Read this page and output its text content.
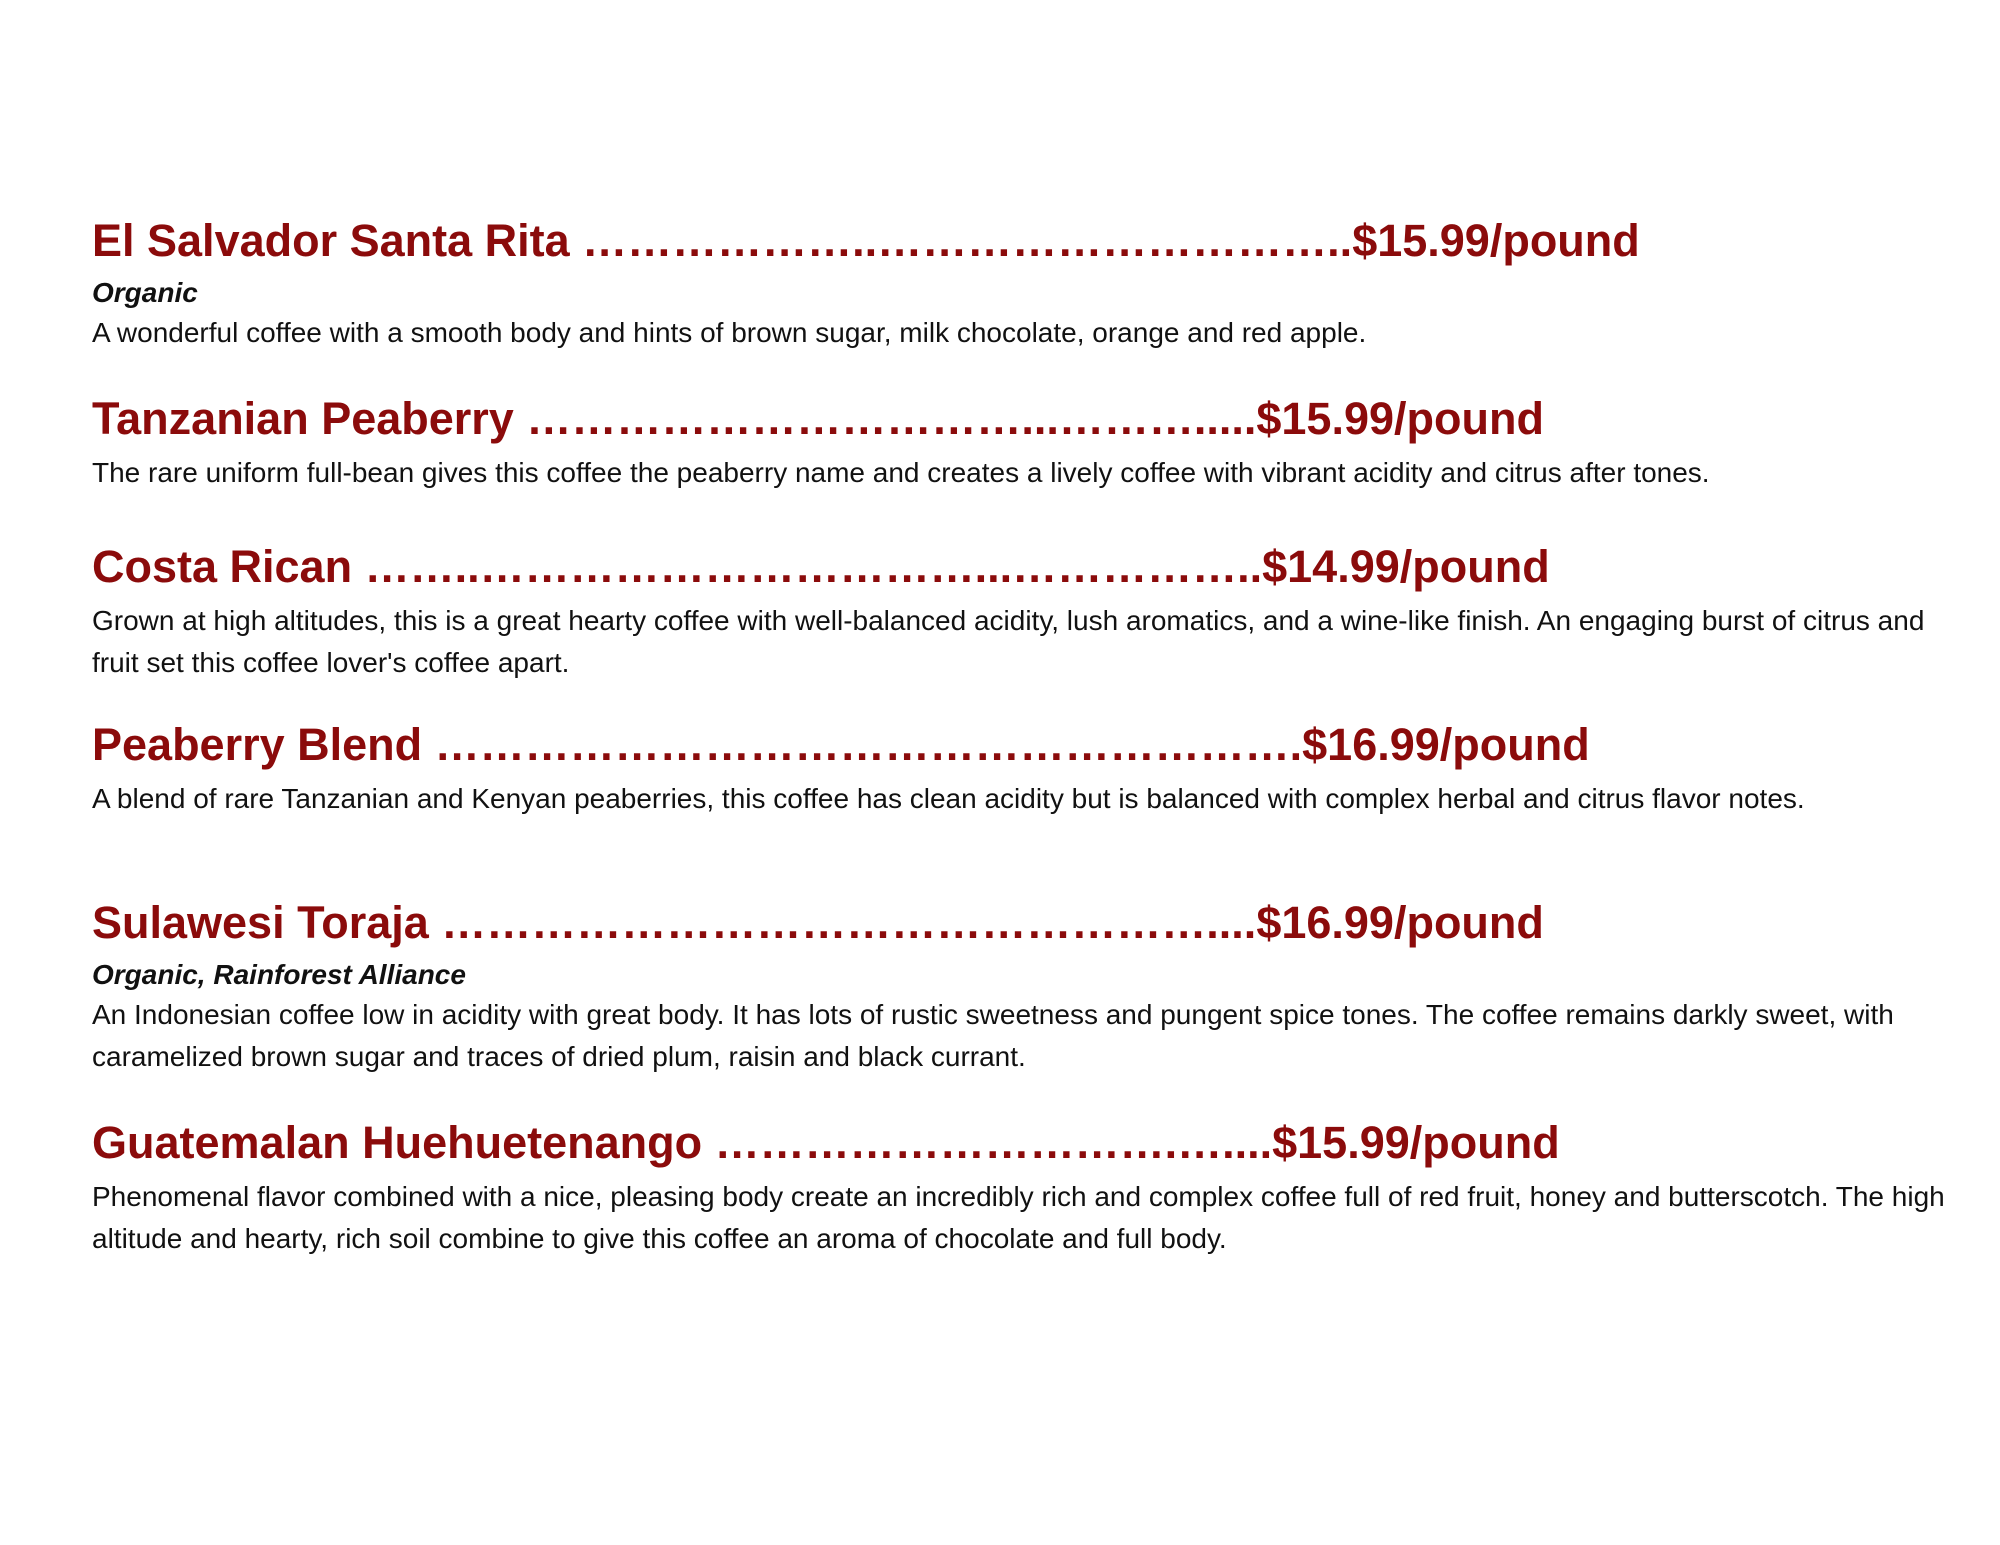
El Salvador Santa Rita ………………..…………………………..$15.99/pound
Organic
A wonderful coffee with a smooth body and hints of brown sugar, milk chocolate, orange and red apple.
Tanzanian Peaberry ……………………………...……….....$15.99/pound
The rare uniform full-bean gives this coffee the peaberry name and creates a lively coffee with vibrant acidity and citrus after tones.
Costa Rican ……..……………………………...……………..$14.99/pound
Grown at high altitudes, this is a great hearty coffee with well-balanced acidity, lush aromatics, and a wine-like finish. An engaging burst of citrus and fruit set this coffee lover's coffee apart.
Peaberry Blend ………………………………………………….$16.99/pound
A blend of rare Tanzanian and Kenyan peaberries, this coffee has clean acidity but is balanced with complex herbal and citrus flavor notes.
Sulawesi Toraja ……………………………………………....$16.99/pound
Organic, Rainforest Alliance
An Indonesian coffee low in acidity with great body. It has lots of rustic sweetness and pungent spice tones. The coffee remains darkly sweet, with caramelized brown sugar and traces of dried plum, raisin and black currant.
Guatemalan Huehuetenango ………………………….…....$15.99/pound
Phenomenal flavor combined with a nice, pleasing body create an incredibly rich and complex coffee full of red fruit, honey and butterscotch. The high altitude and hearty, rich soil combine to give this coffee an aroma of chocolate and full body.
